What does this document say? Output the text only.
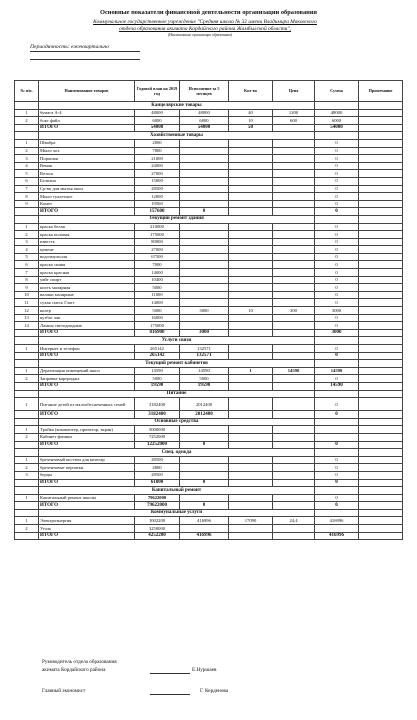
Основные показатели финансовой деятельности организации образования
Коммунальное государственное учреждение "Средняя школа № 32 имени Владимира Маковского
отдела образования акимата Кордайского района Жамбылской области",
(Наименование организации образования)
Периодичность: ежеквартально
№ п/п.	Наименование товаров	Годовой план на 2019 год	Исполнение за 5 месяцев	Кол-во	Цена	Сумма	Примечание
	Канцелярские товары						
1	бумага А-4	48000	48000	40	1200	48000	
2	бокс файл	6000	6000	10	600	6000	
	ИТОГО	54000	54000	50		54000	
	Хозяйственные товары						
1	Швабра	2800				0	
2	Мыло хоз.	7800				0	
3	Порошок	21000				0	
4	Веник	24000				0	
5	Ветош	27000				0	
6	Белизна	15000				0	
7	Ср-во для мытья окон	28500				0	
8	Мыло туалетное	12000				0	
9	Комет	19560				0	
	ИТОГО	157600	0			0	
	Текущий ремонт здания						
1	краска белая	210000				0	
2	краска половая	175000				0	
3	известь	80000				0	
4	цемент	27000				0	
5	водоэмульсия	67500				0	
6	краска синяя	7000				0	
7	краска красная	14000				0	
8	уайт спирт	10400				0	
9	кисть малярная	5000				0	
10	валики малярные	11000				0	
11	сухая смесь Глатт	14000				0	
12	колер	5000	3000	10	300	3000	
13	кузбас лак	16000				0	
14	Лампы светодиодные	175000				0	
	ИТОГО	816900	3000			3000	
	Услуги связи						
1	Интернет и телефон	265142	132571			0	
	ИТОГО	265142	132571			0	
	Текущий ремонт кабинетов						
1	Дератизация помещений школ	14590	14590	1	14590	14590	
2	Заправка картриджа	5000	5000			0	
	ИТОГО	19590	19590			14590	
	Питание						
1	Питание детей из малообеспеченных семей	3182400	2012400			0	
	ИТОГО	3182400	2012400			0	
	Основные средства						
1	Тройка (компьютер, проектор, экран)	5000000					
2	Кабинет физики	7252000					
	ИТОГО	12252000	0			0	
	Спец. одежда						
1	брезентовый костюм для кочегар	28500				0	
2	брезентовые перчатки	4800				0	
3	берцы	28500				0	
	ИТОГО	61800	0			0	
	Капитальный ремонт						
1	Капитальный ремонт школы	79622000				0	
	ИТОГО	79622000	0			0	
	Коммунальные услуги						
1	Электроэнергия	1002200	416996	17090	24,4	416996	
2	Уголь	3250000					
	ИТОГО	4252200	416996			416996	
Руководитель отдела образования
акимата Кордайского района	Е.Нуршаев
Главный экономист	Г. Керденова
